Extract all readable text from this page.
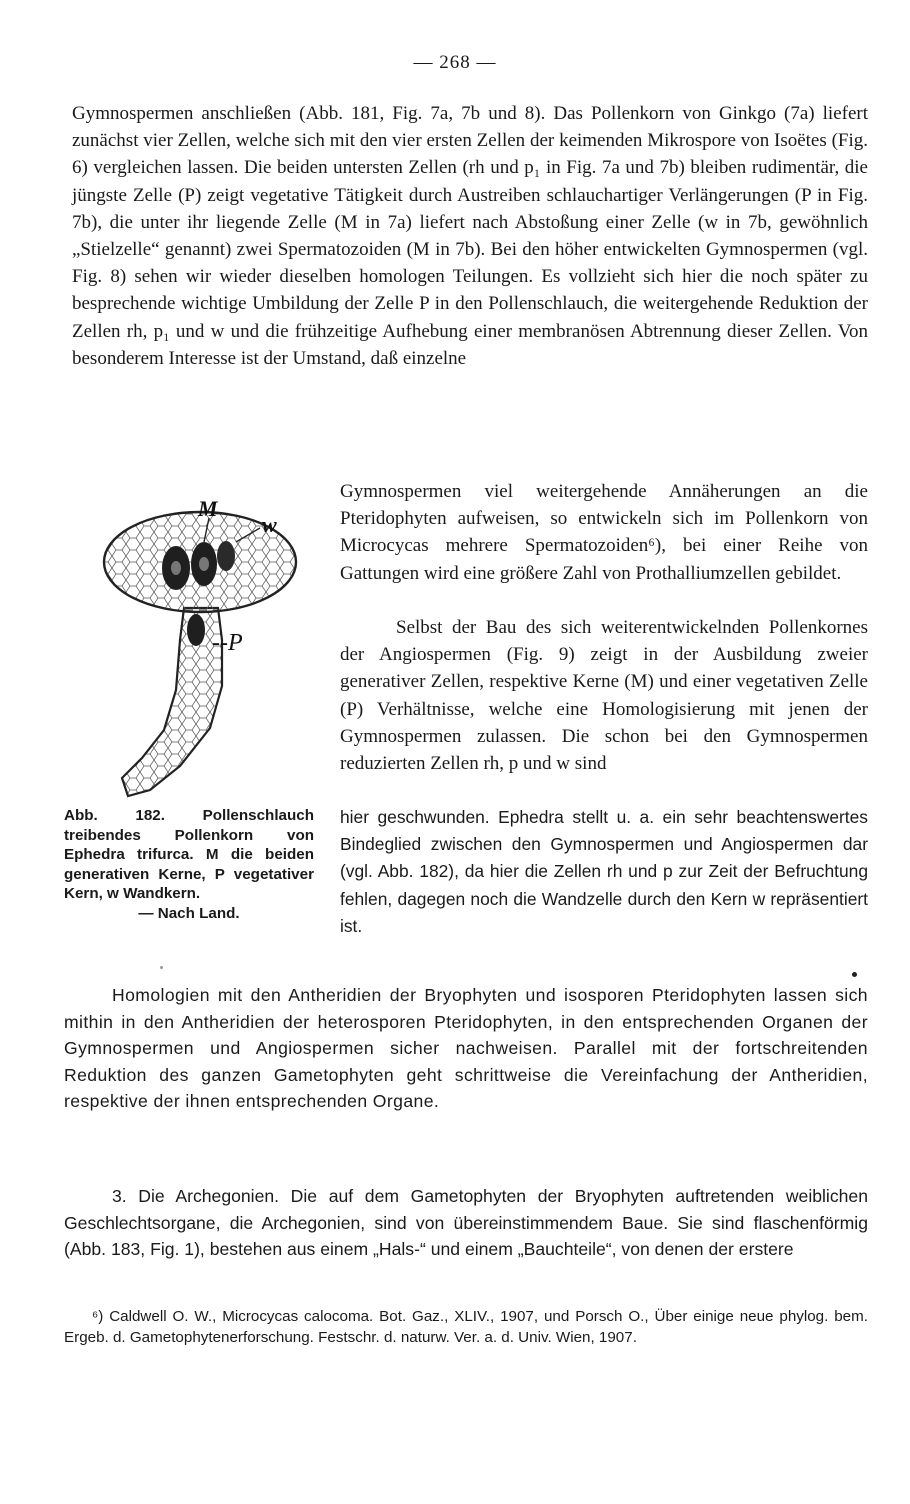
— 268 —

Gymnospermen anschließen (Abb. 181, Fig. 7a, 7b und 8). Das Pollenkorn von Ginkgo (7a) liefert zunächst vier Zellen, welche sich mit den vier ersten Zellen der keimenden Mikrospore von Isoëtes (Fig. 6) vergleichen lassen. Die beiden untersten Zellen (rh und p₁ in Fig. 7a und 7b) bleiben rudimentär, die jüngste Zelle (P) zeigt vegetative Tätigkeit durch Austreiben schlauchartiger Verlängerungen (P in Fig. 7b), die unter ihr liegende Zelle (M in 7a) liefert nach Abstoßung einer Zelle (w in 7b, gewöhnlich „Stielzelle“ genannt) zwei Spermatozoiden (M in 7b). Bei den höher entwickelten Gymnospermen (vgl. Fig. 8) sehen wir wieder dieselben homologen Teilungen. Es vollzieht sich hier die noch später zu besprechende wichtige Umbildung der Zelle P in den Pollenschlauch, die weitergehende Reduktion der Zellen rh, p₁ und w und die frühzeitige Aufhebung einer membranösen Abtrennung dieser Zellen. Von besonderem Interesse ist der Umstand, daß einzelne

M
w
--P
Abb. 182. Pollenschlauch treibendes Pollenkorn von Ephedra trifurca. M die beiden generativen Kerne, P vegetativer Kern, w Wandkern.
— Nach Land.
Gymnospermen viel weitergehende Annäherungen an die Pteridophyten aufweisen, so entwickeln sich im Pollenkorn von Microcycas mehrere Spermatozoiden⁶), bei einer Reihe von Gattungen wird eine größere Zahl von Prothalliumzellen gebildet.
Selbst der Bau des sich weiterentwickelnden Pollenkornes der Angiospermen (Fig. 9) zeigt in der Ausbildung zweier generativer Zellen, respektive Kerne (M) und einer vegetativen Zelle (P) Verhältnisse, welche eine Homologisierung mit jenen der Gymnospermen zulassen. Die schon bei den Gymnospermen reduzierten Zellen rh, p und w sind
hier geschwunden. Ephedra stellt u. a. ein sehr beachtenswertes Bindeglied zwischen den Gymnospermen und Angiospermen dar (vgl. Abb. 182), da hier die Zellen rh und p zur Zeit der Befruchtung fehlen, dagegen noch die Wandzelle durch den Kern w repräsentiert ist.
Homologien mit den Antheridien der Bryophyten und isosporen Pteridophyten lassen sich mithin in den Antheridien der heterosporen Pteridophyten, in den entsprechenden Organen der Gymnospermen und Angiospermen sicher nachweisen. Parallel mit der fortschreitenden Reduktion des ganzen Gametophyten geht schrittweise die Vereinfachung der Antheridien, respektive der ihnen entsprechenden Organe.
3. Die Archegonien. Die auf dem Gametophyten der Bryophyten auftretenden weiblichen Geschlechtsorgane, die Archegonien, sind von übereinstimmendem Baue. Sie sind flaschenförmig (Abb. 183, Fig. 1), bestehen aus einem „Hals-“ und einem „Bauchteile“, von denen der erstere
⁶) Caldwell O. W., Microcycas calocoma. Bot. Gaz., XLIV., 1907, und Porsch O., Über einige neue phylog. bem. Ergeb. d. Gametophytenerforschung. Festschr. d. naturw. Ver. a. d. Univ. Wien, 1907.
